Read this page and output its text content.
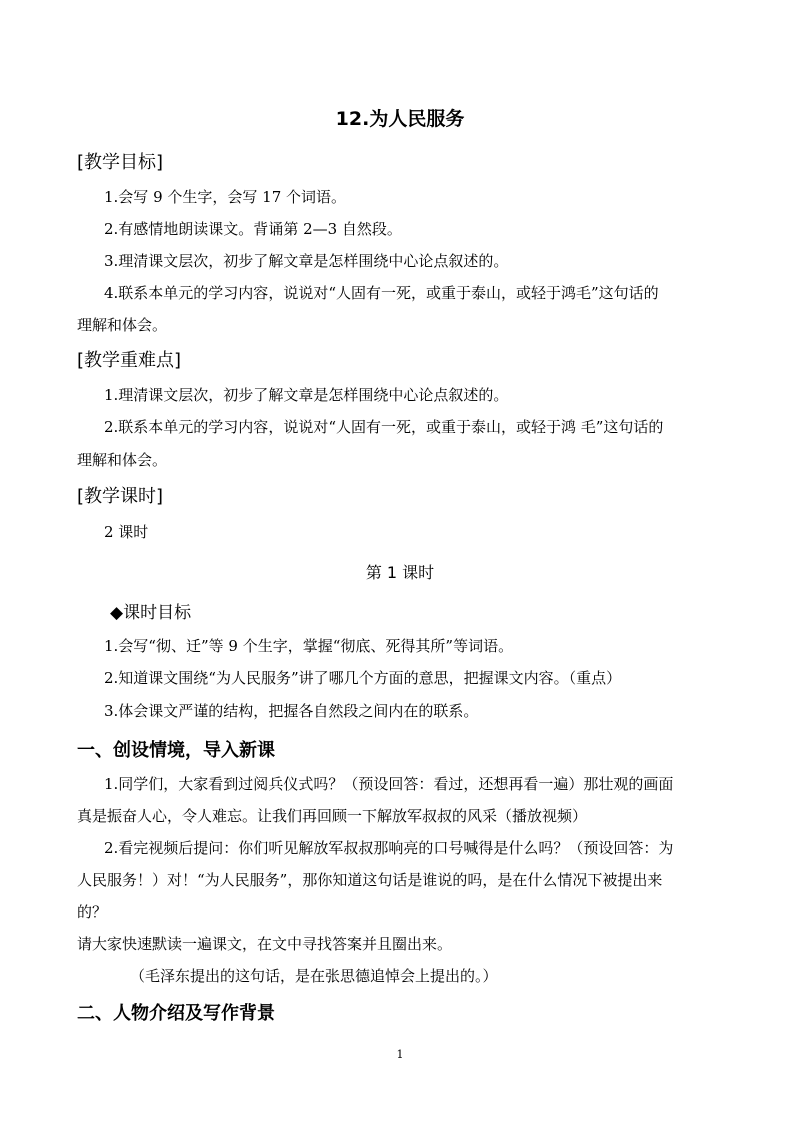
12.为人民服务
[教学目标]
1.会写 9 个生字，会写 17 个词语。
2.有感情地朗读课文。背诵第 2—3 自然段。
3.理清课文层次，初步了解文章是怎样围绕中心论点叙述的。
4.联系本单元的学习内容，说说对“人固有一死，或重于泰山，或轻于鸿毛”这句话的
理解和体会。
[教学重难点]
1.理清课文层次，初步了解文章是怎样围绕中心论点叙述的。
2.联系本单元的学习内容，说说对“人固有一死，或重于泰山，或轻于鸿 毛”这句话的
理解和体会。
[教学课时]
2 课时
第 1 课时
◆课时目标
1.会写“彻、迁”等 9 个生字，掌握“彻底、死得其所”等词语。
2.知道课文围绕“为人民服务”讲了哪几个方面的意思，把握课文内容。（重点）
3.体会课文严谨的结构，把握各自然段之间内在的联系。
一、创设情境，导入新课
1.同学们，大家看到过阅兵仪式吗？（预设回答：看过，还想再看一遍）那壮观的画面
真是振奋人心，令人难忘。让我们再回顾一下解放军叔叔的风采（播放视频）
2.看完视频后提问：你们听见解放军叔叔那响亮的口号喊得是什么吗？（预设回答：为
人民服务！）对！“为人民服务”，那你知道这句话是谁说的吗，是在什么情况下被提出来
的？
请大家快速默读一遍课文，在文中寻找答案并且圈出来。
（毛泽东提出的这句话，是在张思德追悼会上提出的。）
二、人物介绍及写作背景
1
